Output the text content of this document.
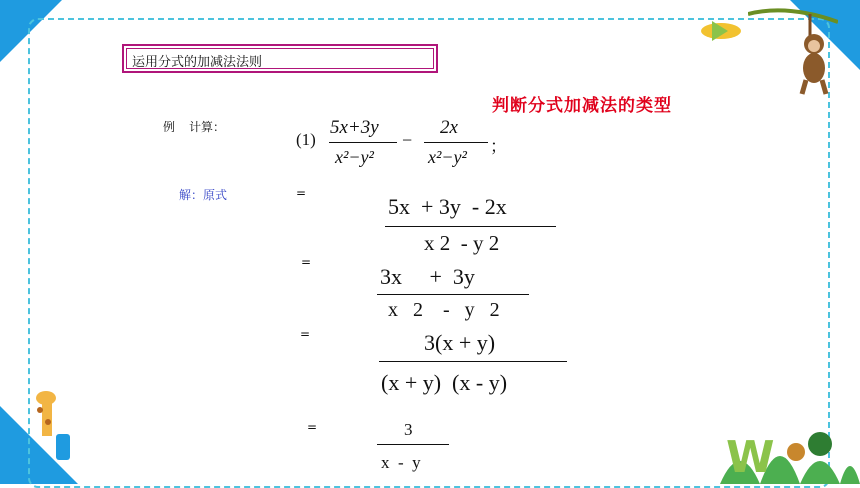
W
运用分式的加减法法则
判断分式加减法的类型
例 计算：
(1)
5x+3y
x²−y²
−
2x
x²−y²
；
解：原式	=
5x  + 3y  - 2x
x 2  - y 2
=
3x     +  3y
x   2    -   y   2
=	3(x + y)
(x + y)  (x - y)
=	3
x  -  y
